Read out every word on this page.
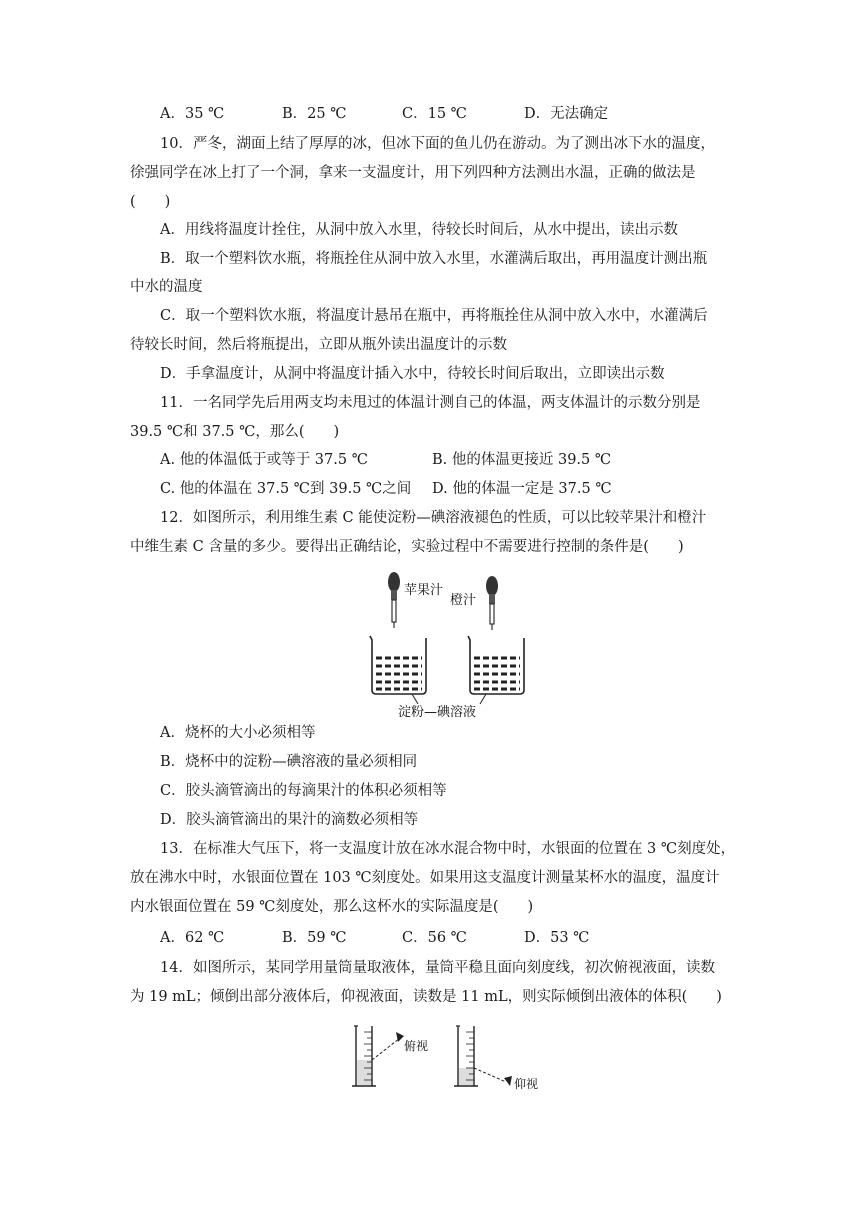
A．35 ℃	B．25 ℃	C．15 ℃	D．无法确定
10．严冬，湖面上结了厚厚的冰，但冰下面的鱼儿仍在游动。为了测出冰下水的温度，
徐强同学在冰上打了一个洞，拿来一支温度计，用下列四种方法测出水温，正确的做法是
(　　)
A．用线将温度计拴住，从洞中放入水里，待较长时间后，从水中提出，读出示数
B．取一个塑料饮水瓶，将瓶拴住从洞中放入水里，水灌满后取出，再用温度计测出瓶
中水的温度
C．取一个塑料饮水瓶，将温度计悬吊在瓶中，再将瓶拴住从洞中放入水中，水灌满后
待较长时间，然后将瓶提出，立即从瓶外读出温度计的示数
D．手拿温度计，从洞中将温度计插入水中，待较长时间后取出，立即读出示数
11．一名同学先后用两支均未甩过的体温计测自己的体温，两支体温计的示数分别是
39.5 ℃和 37.5 ℃，那么(　　)
A. 他的体温低于或等于 37.5 ℃	B. 他的体温更接近 39.5 ℃
C. 他的体温在 37.5 ℃到 39.5 ℃之间 D. 他的体温一定是 37.5 ℃
12．如图所示，利用维生素 C 能使淀粉—碘溶液褪色的性质，可以比较苹果汁和橙汁
中维生素 C 含量的多少。要得出正确结论，实验过程中不需要进行控制的条件是(　　)
苹果汁
橙汁
淀粉—碘溶液
A．烧杯的大小必须相等
B．烧杯中的淀粉—碘溶液的量必须相同
C．胶头滴管滴出的每滴果汁的体积必须相等
D．胶头滴管滴出的果汁的滴数必须相等
13．在标准大气压下，将一支温度计放在冰水混合物中时，水银面的位置在 3 ℃刻度处，
放在沸水中时，水银面位置在 103 ℃刻度处。如果用这支温度计测量某杯水的温度，温度计
内水银面位置在 59 ℃刻度处，那么这杯水的实际温度是(　　)
A．62 ℃	B．59 ℃	C．56 ℃	D．53 ℃
14．如图所示，某同学用量筒量取液体，量筒平稳且面向刻度线，初次俯视液面，读数
为 19 mL；倾倒出部分液体后，仰视液面，读数是 11 mL，则实际倾倒出液体的体积(　　)
俯视
仰视
